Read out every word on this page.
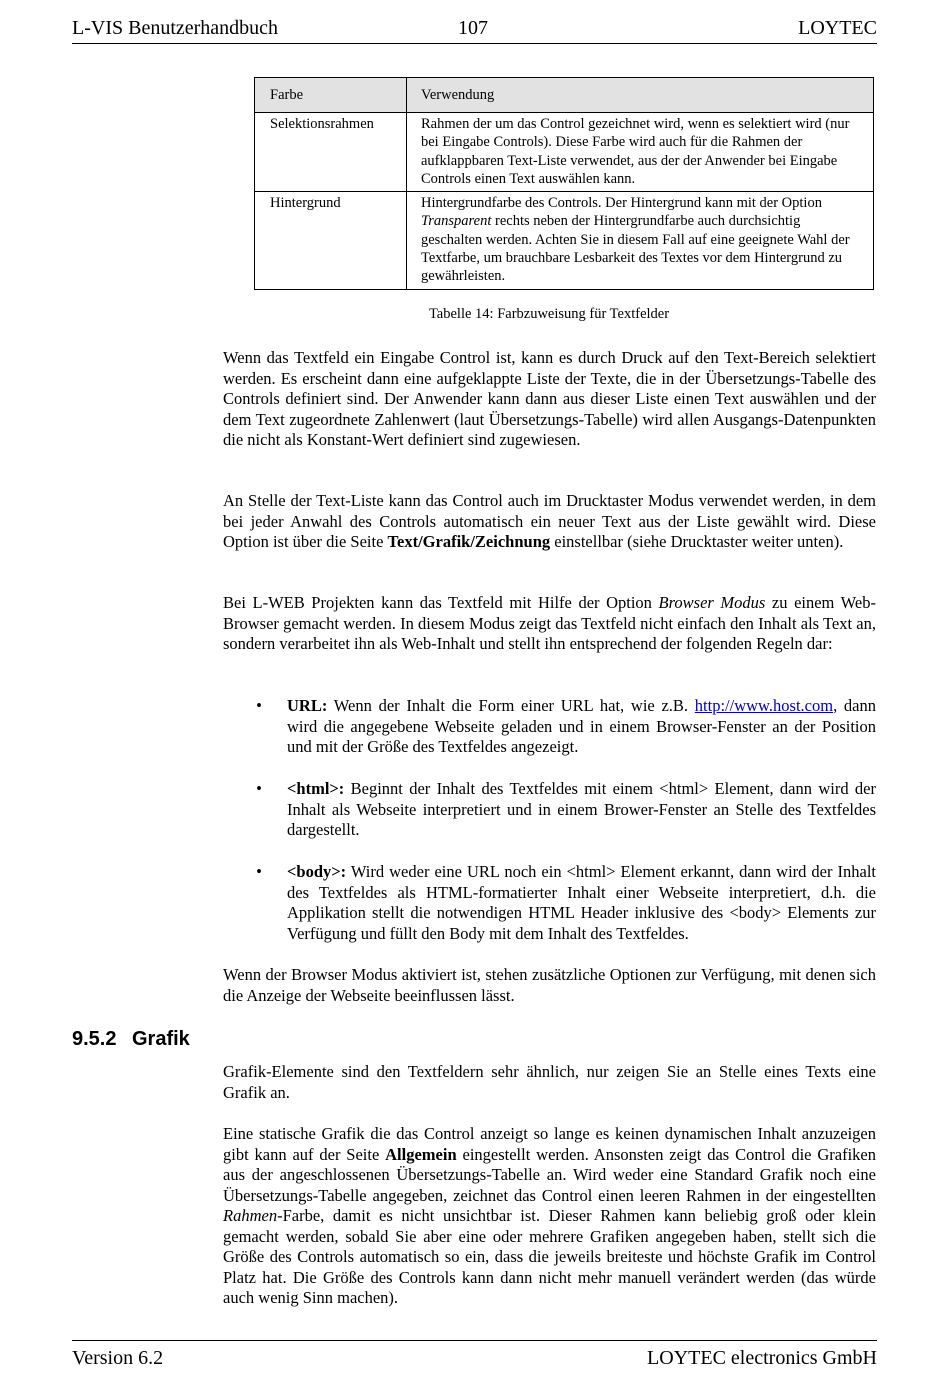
L-VIS Benutzerhandbuch	107	LOYTEC
Farbe	Verwendung
Selektionsrahmen	Rahmen der um das Control gezeichnet wird, wenn es selektiert wird (nur bei Eingabe Controls). Diese Farbe wird auch für die Rahmen der aufklappbaren Text-Liste verwendet, aus der der Anwender bei Eingabe Controls einen Text auswählen kann.
Hintergrund	Hintergrundfarbe des Controls. Der Hintergrund kann mit der Option Transparent rechts neben der Hintergrundfarbe auch durchsichtig geschalten werden. Achten Sie in diesem Fall auf eine geeignete Wahl der Textfarbe, um brauchbare Lesbarkeit des Textes vor dem Hintergrund zu gewährleisten.
Tabelle 14: Farbzuweisung für Textfelder

Wenn das Textfeld ein Eingabe Control ist, kann es durch Druck auf den Text-Bereich selektiert werden. Es erscheint dann eine aufgeklappte Liste der Texte, die in der Übersetzungs-Tabelle des Controls definiert sind. Der Anwender kann dann aus dieser Liste einen Text auswählen und der dem Text zugeordnete Zahlenwert (laut Übersetzungs-Tabelle) wird allen Ausgangs-Datenpunkten die nicht als Konstant-Wert definiert sind zugewiesen.

An Stelle der Text-Liste kann das Control auch im Drucktaster Modus verwendet werden, in dem bei jeder Anwahl des Controls automatisch ein neuer Text aus der Liste gewählt wird. Diese Option ist über die Seite Text/Grafik/Zeichnung einstellbar (siehe Drucktaster weiter unten).

Bei L-WEB Projekten kann das Textfeld mit Hilfe der Option Browser Modus zu einem Web-Browser gemacht werden. In diesem Modus zeigt das Textfeld nicht einfach den Inhalt als Text an, sondern verarbeitet ihn als Web-Inhalt und stellt ihn entsprechend der folgenden Regeln dar:

• URL: Wenn der Inhalt die Form einer URL hat, wie z.B. http://www.host.com, dann wird die angegebene Webseite geladen und in einem Browser-Fenster an der Position und mit der Größe des Textfeldes angezeigt.
• <html>: Beginnt der Inhalt des Textfeldes mit einem <html> Element, dann wird der Inhalt als Webseite interpretiert und in einem Brower-Fenster an Stelle des Textfeldes dargestellt.
• <body>: Wird weder eine URL noch ein <html> Element erkannt, dann wird der Inhalt des Textfeldes als HTML-formatierter Inhalt einer Webseite interpretiert, d.h. die Applikation stellt die notwendigen HTML Header inklusive des <body> Elements zur Verfügung und füllt den Body mit dem Inhalt des Textfeldes.

Wenn der Browser Modus aktiviert ist, stehen zusätzliche Optionen zur Verfügung, mit denen sich die Anzeige der Webseite beeinflussen lässt.

9.5.2 Grafik

Grafik-Elemente sind den Textfeldern sehr ähnlich, nur zeigen Sie an Stelle eines Texts eine Grafik an.

Eine statische Grafik die das Control anzeigt so lange es keinen dynamischen Inhalt anzuzeigen gibt kann auf der Seite Allgemein eingestellt werden. Ansonsten zeigt das Control die Grafiken aus der angeschlossenen Übersetzungs-Tabelle an. Wird weder eine Standard Grafik noch eine Übersetzungs-Tabelle angegeben, zeichnet das Control einen leeren Rahmen in der eingestellten Rahmen-Farbe, damit es nicht unsichtbar ist. Dieser Rahmen kann beliebig groß oder klein gemacht werden, sobald Sie aber eine oder mehrere Grafiken angegeben haben, stellt sich die Größe des Controls automatisch so ein, dass die jeweils breiteste und höchste Grafik im Control Platz hat. Die Größe des Controls kann dann nicht mehr manuell verändert werden (das würde auch wenig Sinn machen).

Version 6.2	LOYTEC electronics GmbH
